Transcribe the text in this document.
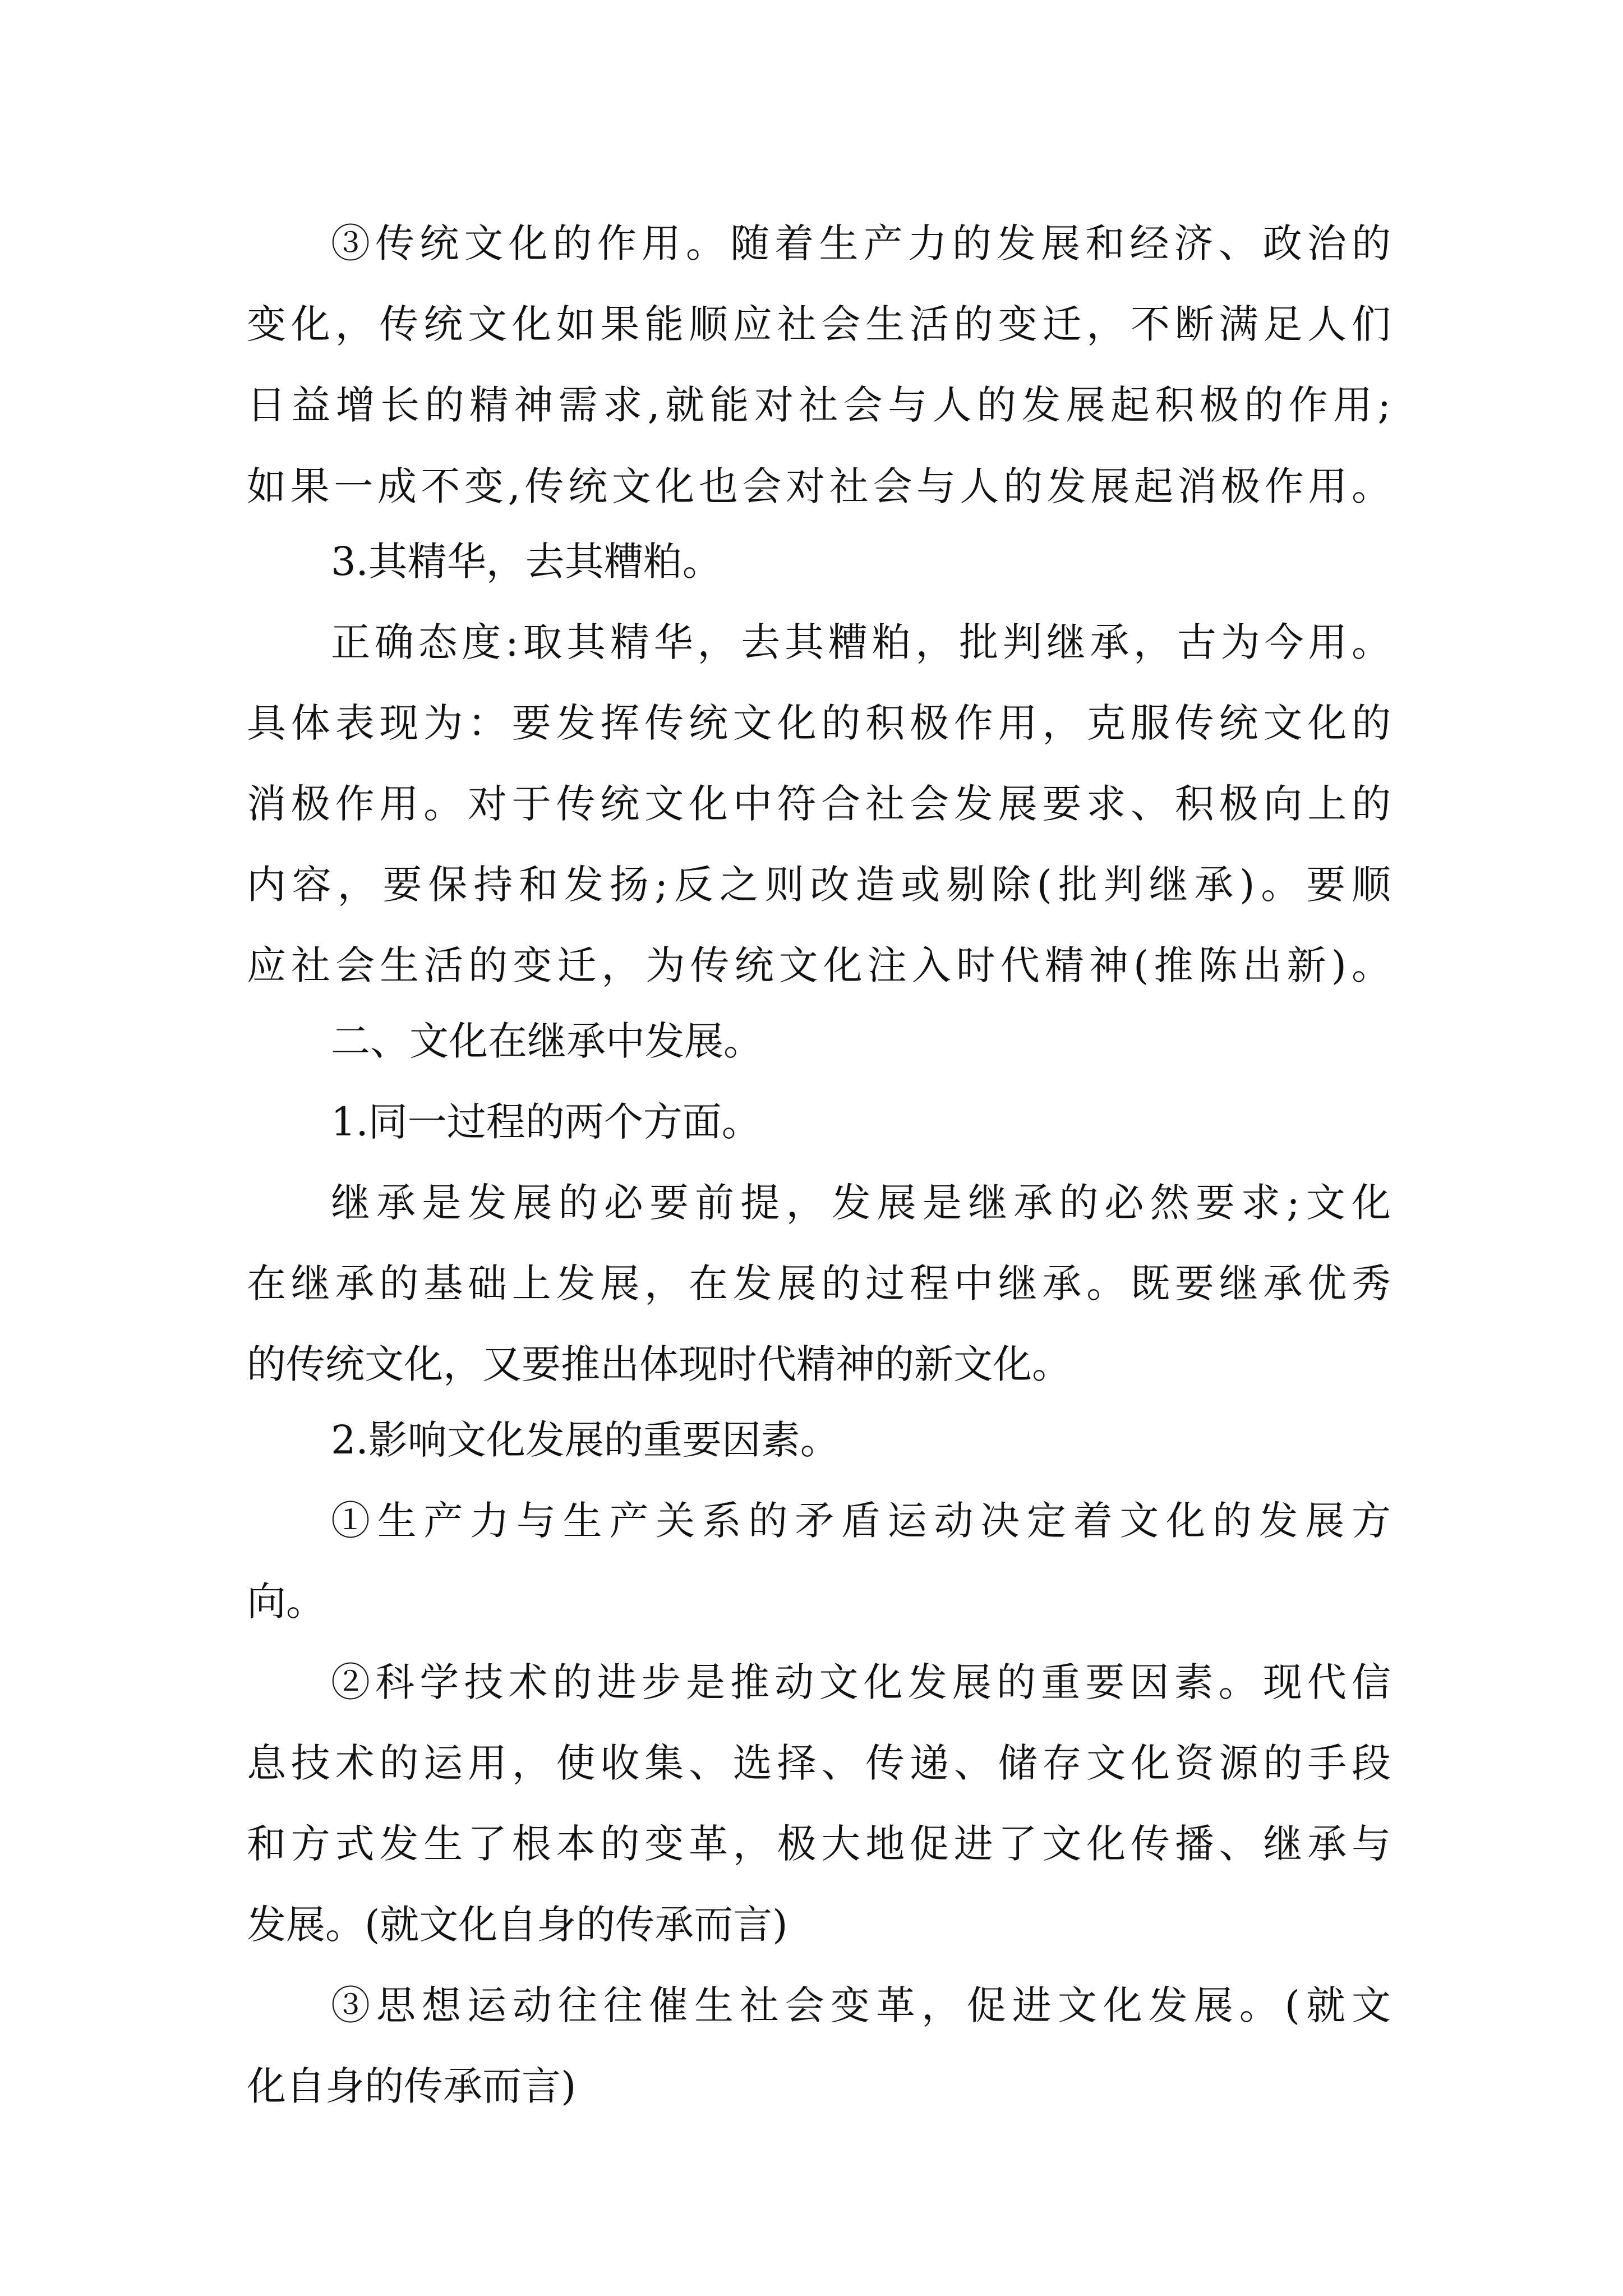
③传统文化的作用。随着生产力的发展和经济、政治的
变化，传统文化如果能顺应社会生活的变迁，不断满足人们
日益增长的精神需求,就能对社会与人的发展起积极的作用;
如果一成不变,传统文化也会对社会与人的发展起消极作用。
3.其精华，去其糟粕。
正确态度:取其精华，去其糟粕，批判继承，古为今用。
具体表现为：要发挥传统文化的积极作用，克服传统文化的
消极作用。对于传统文化中符合社会发展要求、积极向上的
内容，要保持和发扬;反之则改造或剔除(批判继承)。要顺
应社会生活的变迁，为传统文化注入时代精神(推陈出新)。
二、文化在继承中发展。
1.同一过程的两个方面。
继承是发展的必要前提，发展是继承的必然要求;文化
在继承的基础上发展，在发展的过程中继承。既要继承优秀
的传统文化，又要推出体现时代精神的新文化。
2.影响文化发展的重要因素。
①生产力与生产关系的矛盾运动决定着文化的发展方
向。
②科学技术的进步是推动文化发展的重要因素。现代信
息技术的运用，使收集、选择、传递、储存文化资源的手段
和方式发生了根本的变革，极大地促进了文化传播、继承与
发展。(就文化自身的传承而言)
③思想运动往往催生社会变革，促进文化发展。(就文
化自身的传承而言)
